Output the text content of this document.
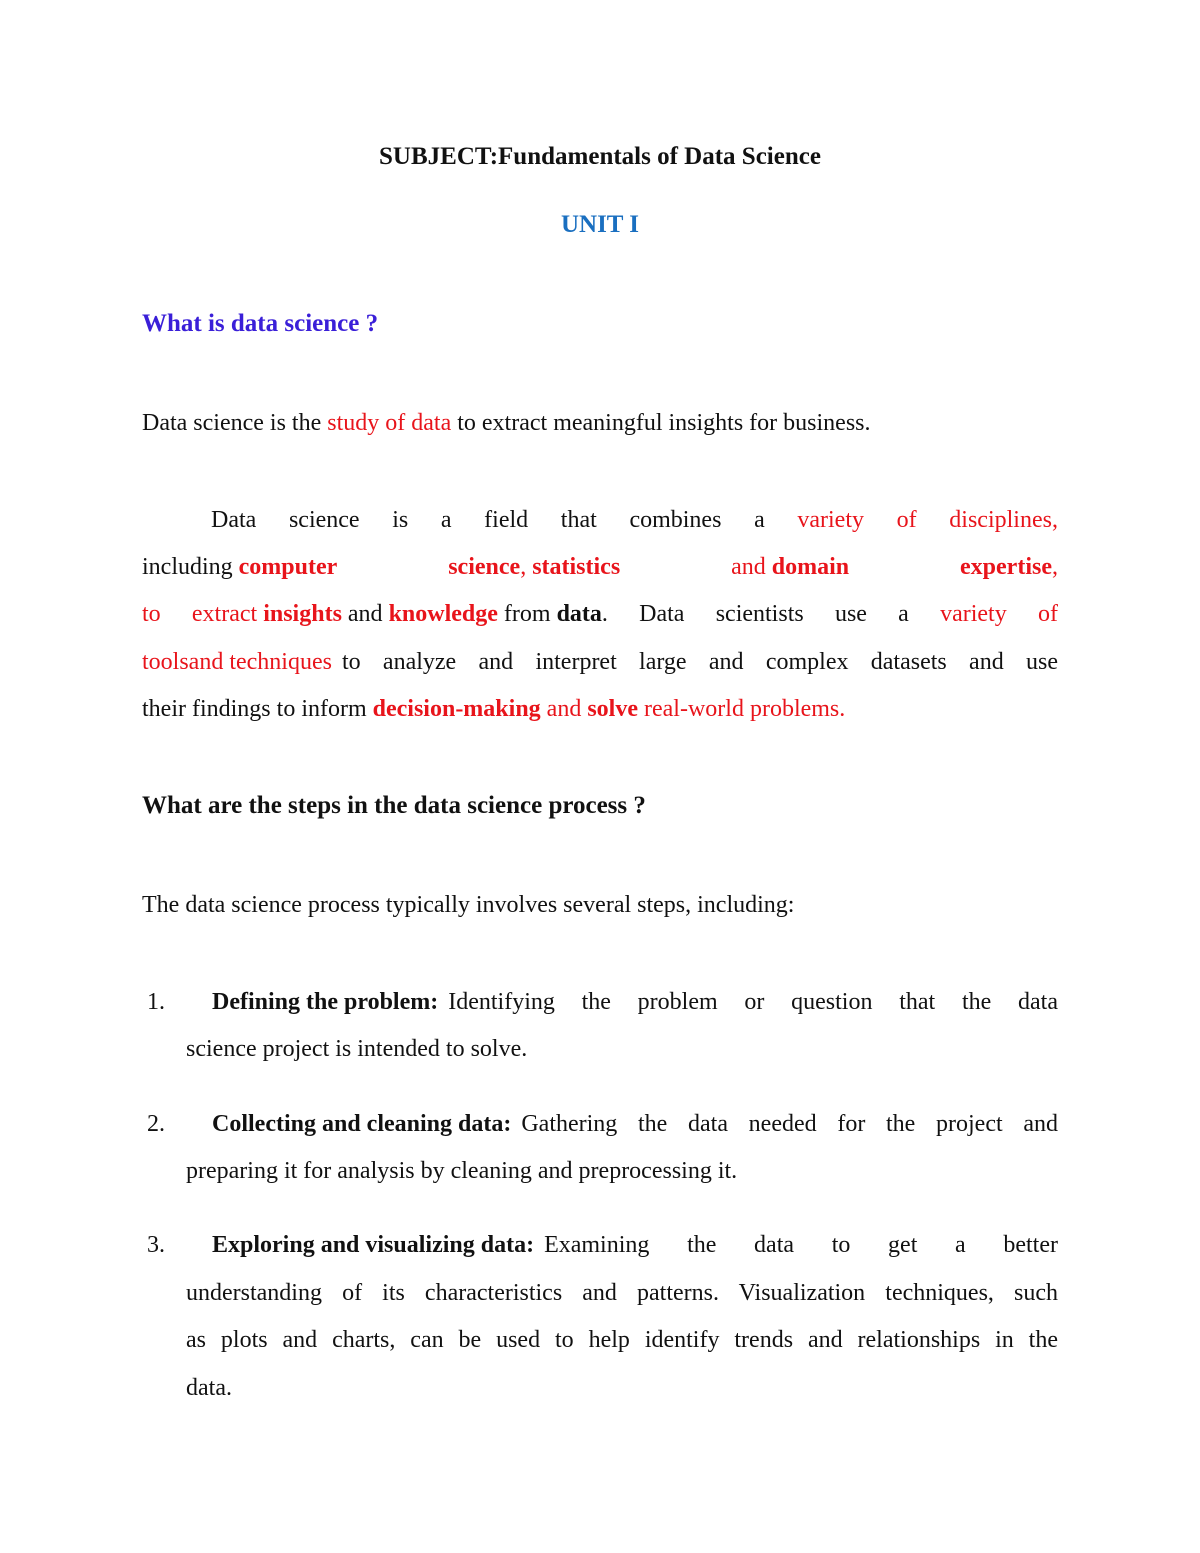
SUBJECT:Fundamentals of Data Science
UNIT I
What is data science ?

Data science is the study of data to extract meaningful insights for business.

Data science is a field that combines a variety of disciplines,
including computer	science, statistics	and domain	expertise,
to extract insights and knowledge from data. Data scientists use a variety of
toolsand techniques to analyze and interpret large and complex datasets and use

their findings to inform decision-making and solve real-world problems.

What are the steps in the data science process ?

The data science process typically involves several steps, including:

1. Defining the problem: Identifying the problem or question that the data

science project is intended to solve.

2. Collecting and cleaning data: Gathering the data needed for the project and

preparing it for analysis by cleaning and preprocessing it.

3. Exploring and visualizing data: Examining the data to get a better
understanding of its characteristics and patterns. Visualization techniques, such
as plots and charts, can be used to help identify trends and relationships in the

data.
